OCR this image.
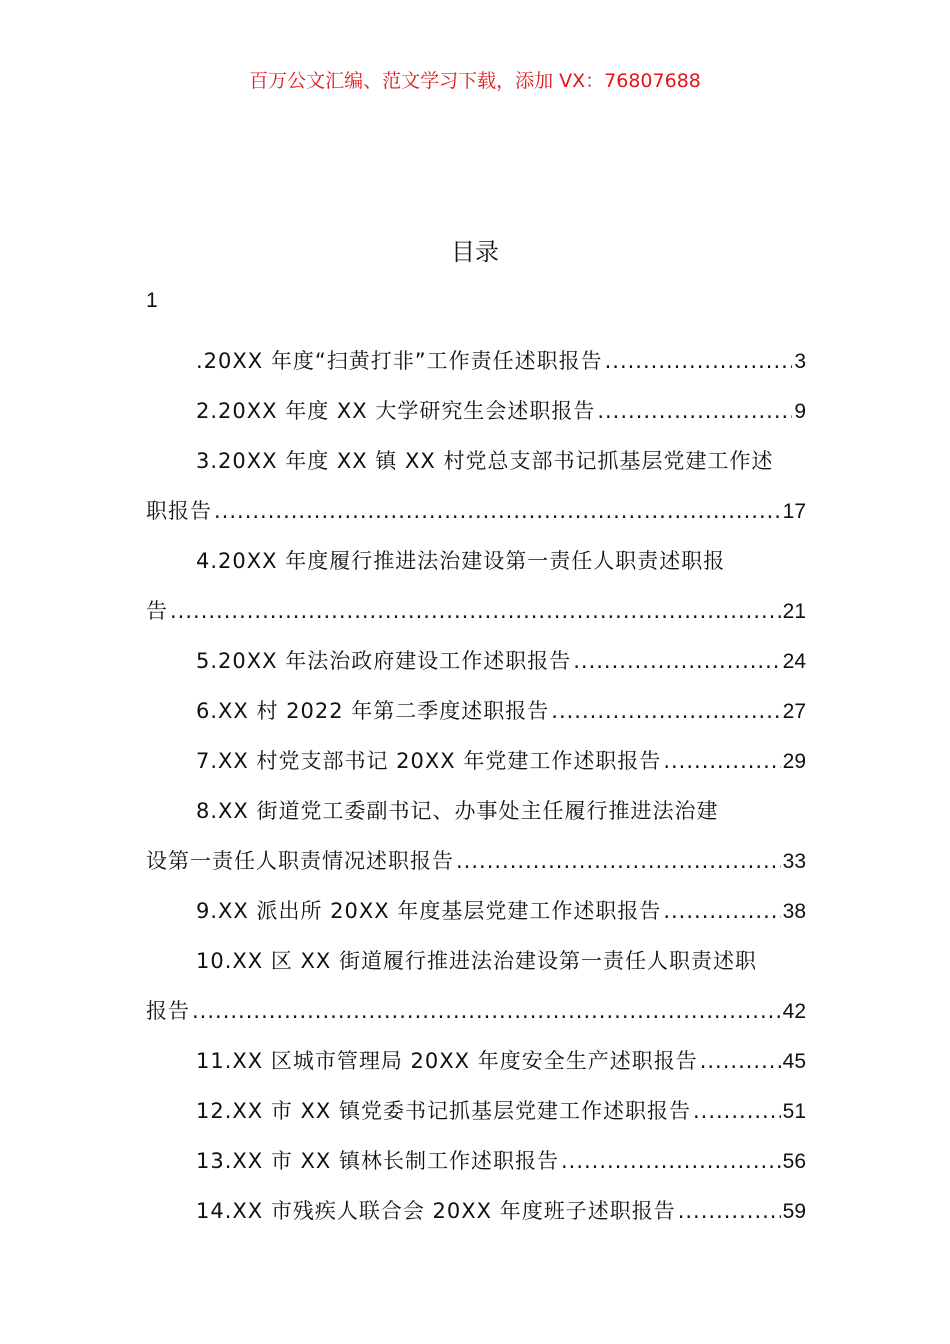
百万公文汇编、范文学习下载，添加 VX：76807688
目录
1
.20XX 年度“扫黄打非”工作责任述职报告 .....	3
2.20XX 年度 XX 大学研究生会述职报告 .....	9
3.20XX 年度 XX 镇 XX 村党总支部书记抓基层党建工作述
职报告 .....	17
4.20XX 年度履行推进法治建设第一责任人职责述职报
告 .....	21
5.20XX 年法治政府建设工作述职报告 .....	24
6.XX 村 2022 年第二季度述职报告 .....	27
7.XX 村党支部书记 20XX 年党建工作述职报告 .....	29
8.XX 街道党工委副书记、办事处主任履行推进法治建
设第一责任人职责情况述职报告 .....	33
9.XX 派出所 20XX 年度基层党建工作述职报告 .....	38
10.XX 区 XX 街道履行推进法治建设第一责任人职责述职
报告 .....	42
11.XX 区城市管理局 20XX 年度安全生产述职报告 .....	45
12.XX 市 XX 镇党委书记抓基层党建工作述职报告 .....	51
13.XX 市 XX 镇林长制工作述职报告 .....	56
14.XX 市残疾人联合会 20XX 年度班子述职报告 .....	59
